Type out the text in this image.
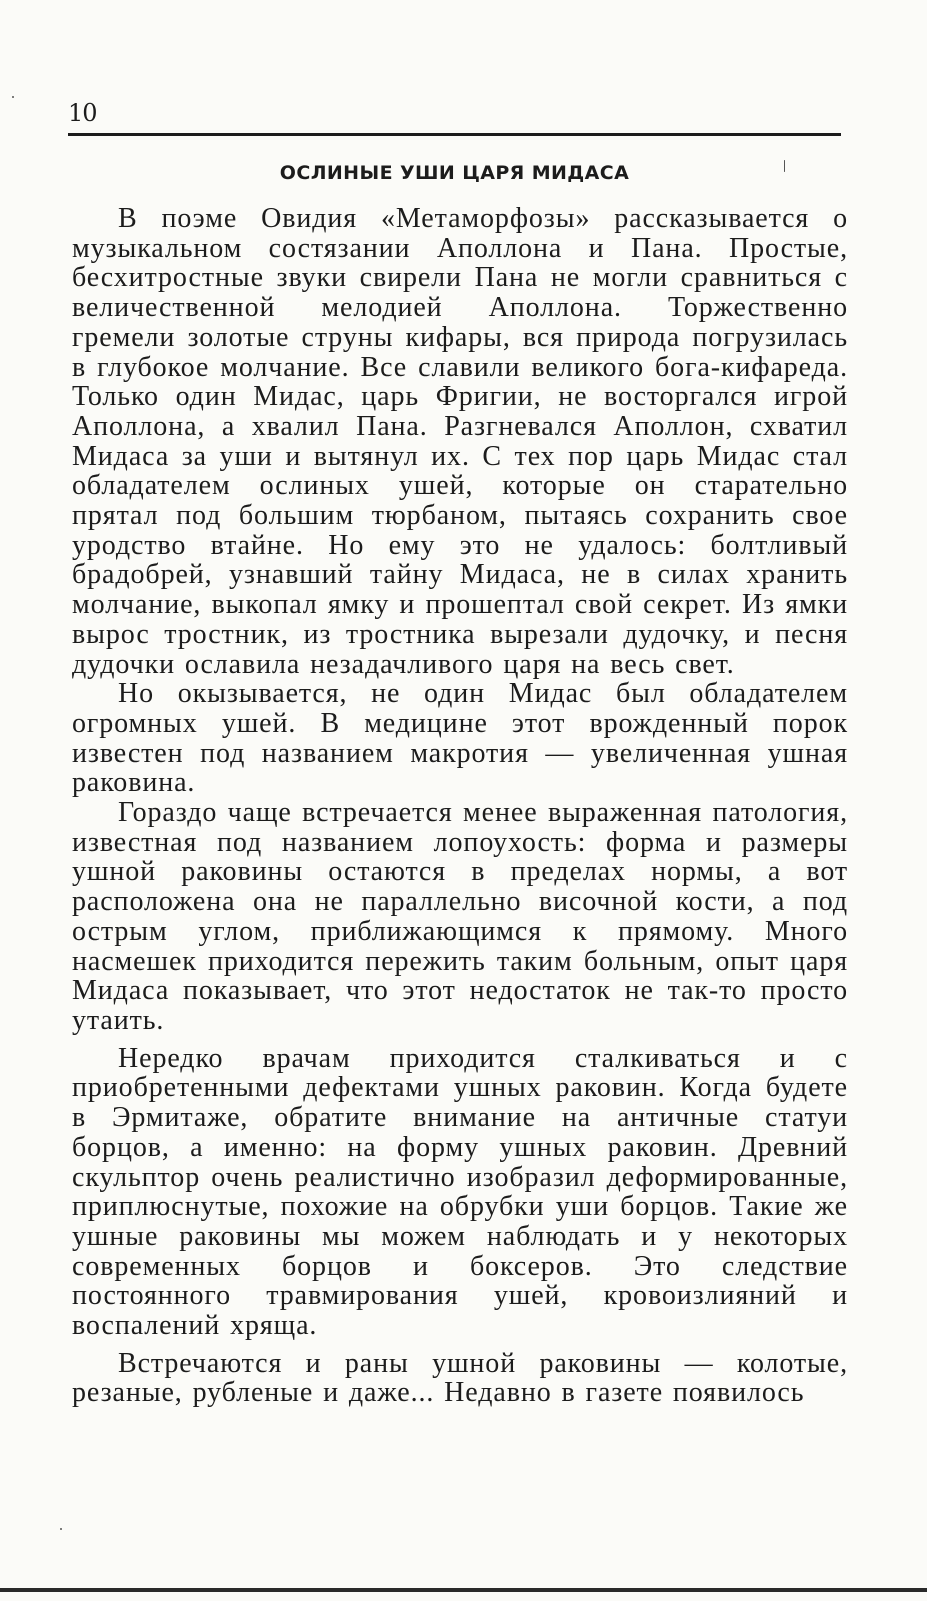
10
ОСЛИНЫЕ УШИ ЦАРЯ МИДАСА

В поэме Овидия «Метаморфозы» рассказывается о музыкальном состязании Аполлона и Пана. Простые, бесхитростные звуки свирели Пана не могли сравниться с величественной мелодией Аполлона. Торжественно гремели золотые струны кифары, вся природа погрузилась в глубокое молчание. Все славили великого бога-кифареда. Только один Мидас, царь Фригии, не восторгался игрой Аполлона, а хвалил Пана. Разгневался Аполлон, схватил Мидаса за уши и вытянул их. С тех пор царь Мидас стал обладателем ослиных ушей, которые он старательно прятал под большим тюрбаном, пытаясь сохранить свое уродство втайне. Но ему это не удалось: болтливый брадобрей, узнавший тайну Мидаса, не в силах хранить молчание, выкопал ямку и прошептал свой секрет. Из ямки вырос тростник, из тростника вырезали дудочку, и песня дудочки ославила незадачливого царя на весь свет.

Но окызывается, не один Мидас был обладателем огромных ушей. В медицине этот врожденный порок известен под названием макротия — увеличенная ушная раковина.

Гораздо чаще встречается менее выраженная патология, известная под названием лопоухость: форма и размеры ушной раковины остаются в пределах нормы, а вот расположена она не параллельно височной кости, а под острым углом, приближающимся к прямому. Много насмешек приходится пережить таким больным, опыт царя Мидаса показывает, что этот недостаток не так-то просто утаить.

Нередко врачам приходится сталкиваться и с приобретенными дефектами ушных раковин. Когда будете в Эрмитаже, обратите внимание на античные статуи борцов, а именно: на форму ушных раковин. Древний скульптор очень реалистично изобразил деформированные, приплюснутые, похожие на обрубки уши борцов. Такие же ушные раковины мы можем наблюдать и у некоторых современных борцов и боксеров. Это следствие постоянного травмирования ушей, кровоизлияний и воспалений хряща.

Встречаются и раны ушной раковины — колотые, резаные, рубленые и даже... Недавно в газете появилось
